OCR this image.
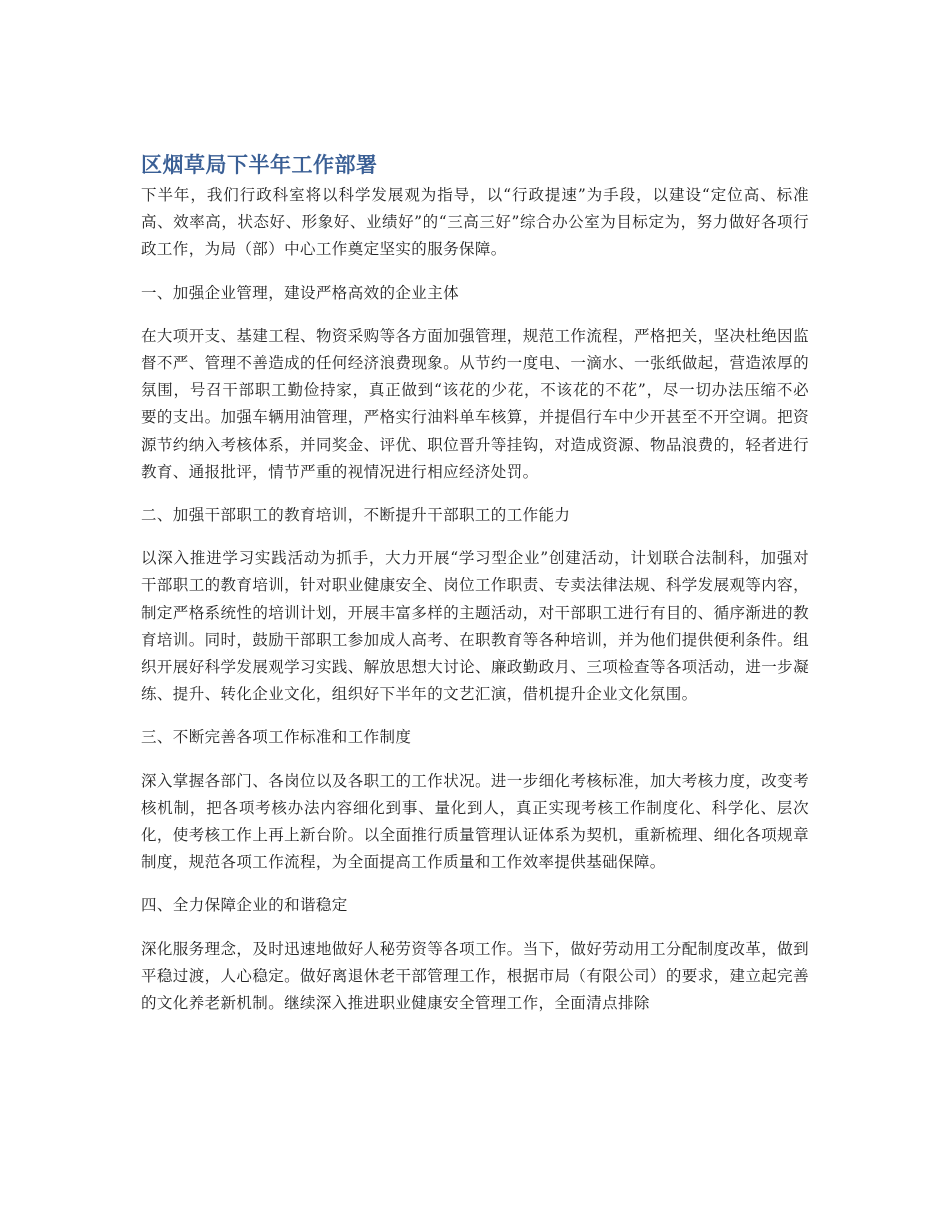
区烟草局下半年工作部署

下半年，我们行政科室将以科学发展观为指导，以“行政提速”为手段，以建设“定位高、标准高、效率高，状态好、形象好、业绩好”的“三高三好”综合办公室为目标定为，努力做好各项行政工作，为局（部）中心工作奠定坚实的服务保障。

一、加强企业管理，建设严格高效的企业主体

在大项开支、基建工程、物资采购等各方面加强管理，规范工作流程，严格把关，坚决杜绝因监督不严、管理不善造成的任何经济浪费现象。从节约一度电、一滴水、一张纸做起，营造浓厚的氛围，号召干部职工勤俭持家，真正做到“该花的少花，不该花的不花”，尽一切办法压缩不必要的支出。加强车辆用油管理，严格实行油料单车核算，并提倡行车中少开甚至不开空调。把资源节约纳入考核体系，并同奖金、评优、职位晋升等挂钩，对造成资源、物品浪费的，轻者进行教育、通报批评，情节严重的视情况进行相应经济处罚。

二、加强干部职工的教育培训，不断提升干部职工的工作能力

以深入推进学习实践活动为抓手，大力开展“学习型企业”创建活动，计划联合法制科，加强对干部职工的教育培训，针对职业健康安全、岗位工作职责、专卖法律法规、科学发展观等内容，制定严格系统性的培训计划，开展丰富多样的主题活动，对干部职工进行有目的、循序渐进的教育培训。同时，鼓励干部职工参加成人高考、在职教育等各种培训，并为他们提供便利条件。组织开展好科学发展观学习实践、解放思想大讨论、廉政勤政月、三项检查等各项活动，进一步凝练、提升、转化企业文化，组织好下半年的文艺汇演，借机提升企业文化氛围。

三、不断完善各项工作标准和工作制度

深入掌握各部门、各岗位以及各职工的工作状况。进一步细化考核标准，加大考核力度，改变考核机制，把各项考核办法内容细化到事、量化到人，真正实现考核工作制度化、科学化、层次化，使考核工作上再上新台阶。以全面推行质量管理认证体系为契机，重新梳理、细化各项规章制度，规范各项工作流程，为全面提高工作质量和工作效率提供基础保障。

四、全力保障企业的和谐稳定

深化服务理念，及时迅速地做好人秘劳资等各项工作。当下，做好劳动用工分配制度改革，做到平稳过渡，人心稳定。做好离退休老干部管理工作，根据市局（有限公司）的要求，建立起完善的文化养老新机制。继续深入推进职业健康安全管理工作，全面清点排除
